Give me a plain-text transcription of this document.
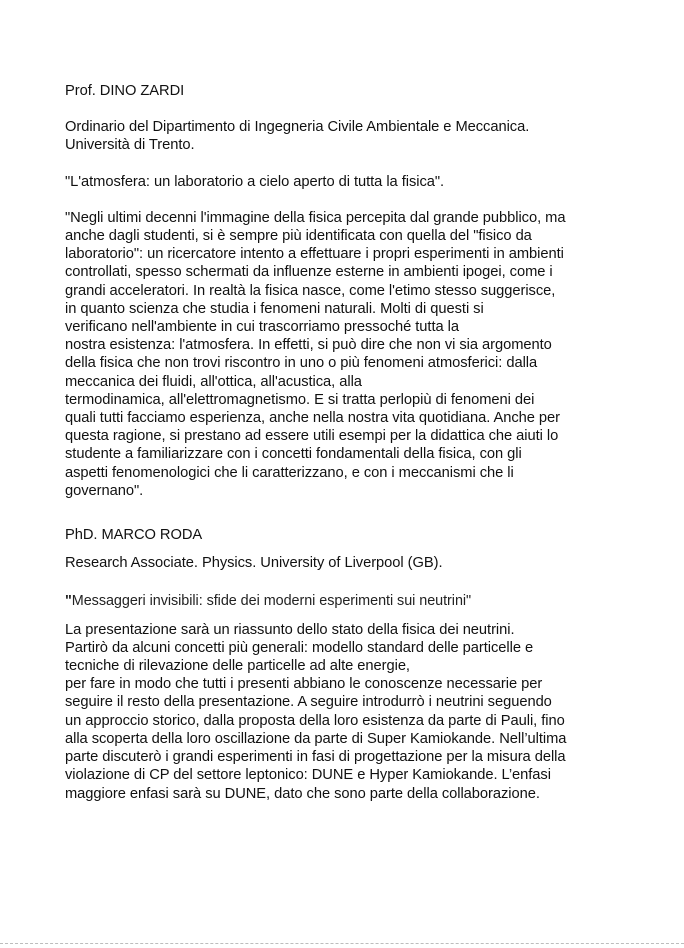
Prof. DINO ZARDI
Ordinario del Dipartimento di Ingegneria Civile Ambientale e Meccanica.
Università di Trento.
"L'atmosfera: un laboratorio a cielo aperto di tutta la fisica".
"Negli ultimi decenni l'immagine della fisica percepita dal grande pubblico, ma
anche dagli studenti, si è sempre più identificata con quella del "fisico da
laboratorio": un ricercatore intento a effettuare i propri esperimenti in ambienti
controllati, spesso schermati da influenze esterne in ambienti ipogei, come i
grandi acceleratori. In realtà la fisica nasce, come l'etimo stesso suggerisce,
in quanto scienza che studia i fenomeni naturali. Molti di questi si
verificano nell'ambiente in cui trascorriamo pressoché tutta la
nostra esistenza: l'atmosfera. In effetti, si può dire che non vi sia argomento
della fisica che non trovi riscontro in uno o più fenomeni atmosferici: dalla
meccanica dei fluidi, all'ottica, all'acustica, alla
termodinamica, all'elettromagnetismo. E si tratta perlopiù di fenomeni dei
quali tutti facciamo esperienza, anche nella nostra vita quotidiana. Anche per
questa ragione, si prestano ad essere utili esempi per la didattica che aiuti lo
studente a familiarizzare con i concetti fondamentali della fisica, con gli
aspetti fenomenologici che li caratterizzano, e con i meccanismi che li
governano".
PhD. MARCO RODA
Research Associate. Physics. University of Liverpool (GB).
"Messaggeri invisibili: sfide dei moderni esperimenti sui neutrini"
La presentazione sarà un riassunto dello stato della fisica dei neutrini.
Partirò da alcuni concetti più generali: modello standard delle particelle e
tecniche di rilevazione delle particelle ad alte energie,
per fare in modo che tutti i presenti abbiano le conoscenze necessarie per
seguire il resto della presentazione. A seguire introdurrò i neutrini seguendo
un approccio storico, dalla proposta della loro esistenza da parte di Pauli, fino
alla scoperta della loro oscillazione da parte di Super Kamiokande. Nell’ultima
parte discuterò i grandi esperimenti in fasi di progettazione per la misura della
violazione di CP del settore leptonico: DUNE e Hyper Kamiokande. L’enfasi
maggiore enfasi sarà su DUNE, dato che sono parte della collaborazione.
